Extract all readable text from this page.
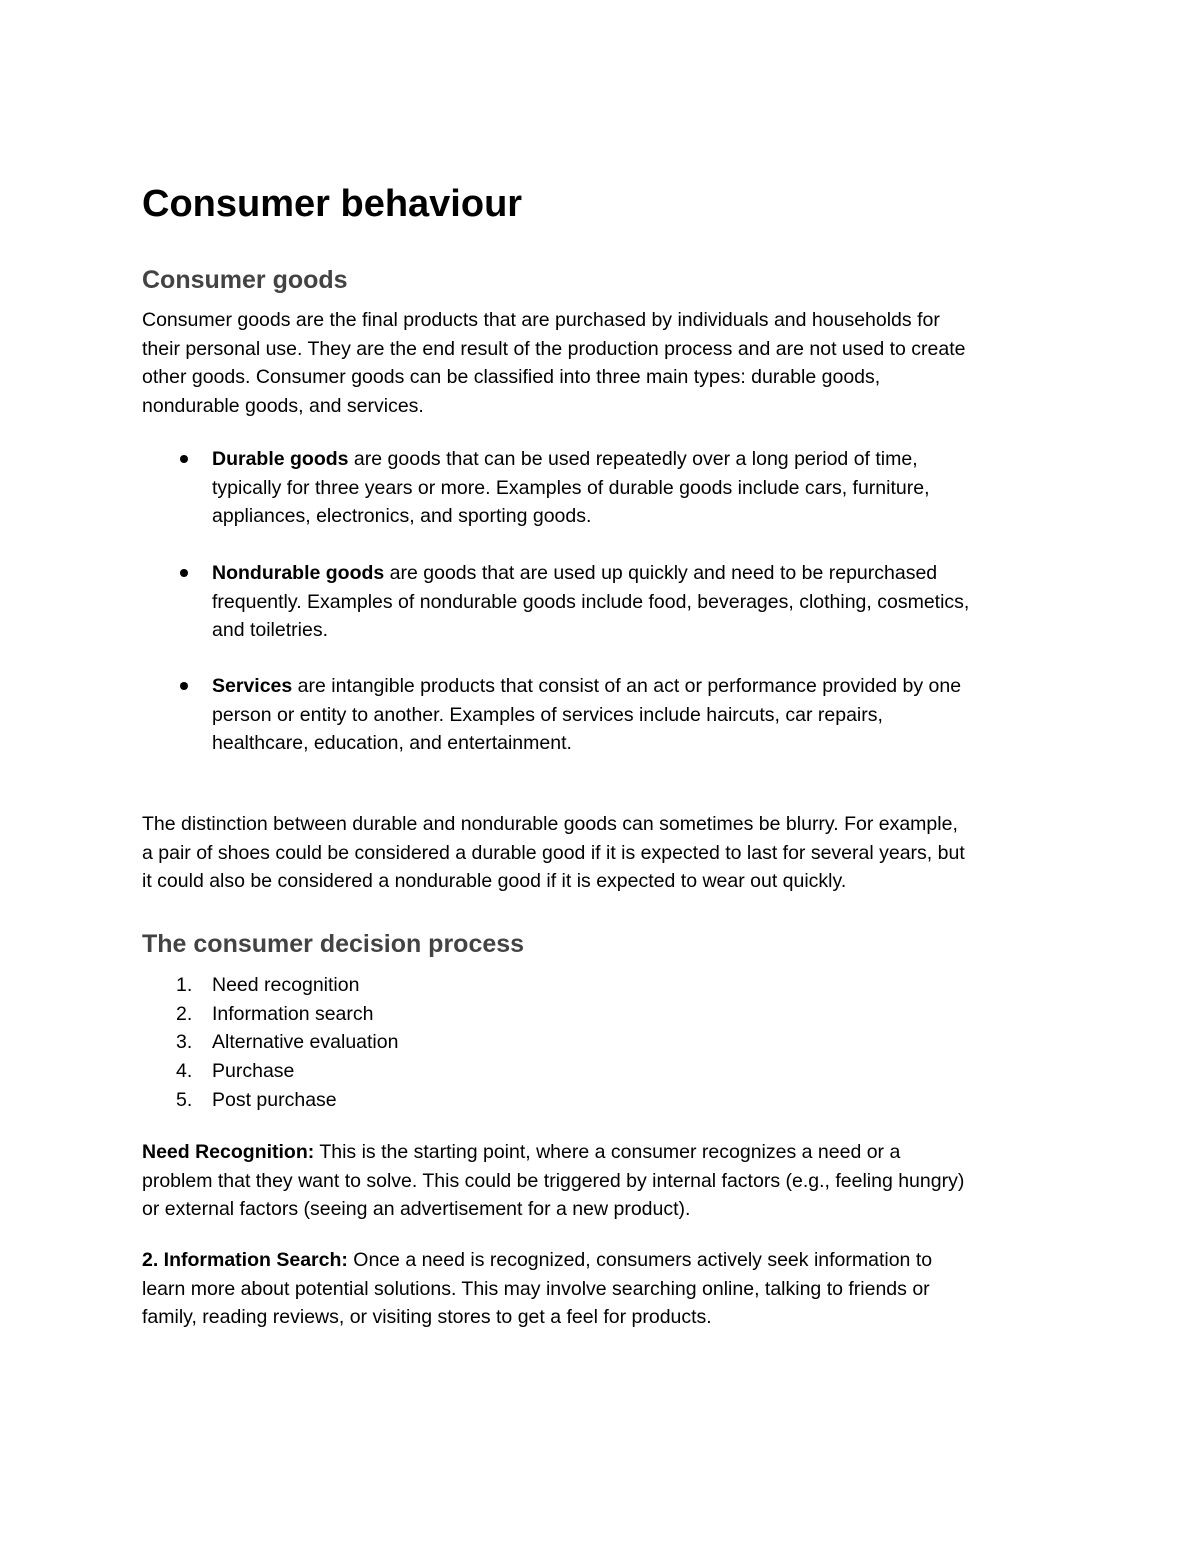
Consumer behaviour
Consumer goods

Consumer goods are the final products that are purchased by individuals and households for
their personal use. They are the end result of the production process and are not used to create
other goods. Consumer goods can be classified into three main types: durable goods,
nondurable goods, and services.

Durable goods are goods that can be used repeatedly over a long period of time,
typically for three years or more. Examples of durable goods include cars, furniture,
appliances, electronics, and sporting goods.
Nondurable goods are goods that are used up quickly and need to be repurchased
frequently. Examples of nondurable goods include food, beverages, clothing, cosmetics,
and toiletries.
Services are intangible products that consist of an act or performance provided by one
person or entity to another. Examples of services include haircuts, car repairs,
healthcare, education, and entertainment.

The distinction between durable and nondurable goods can sometimes be blurry. For example,
a pair of shoes could be considered a durable good if it is expected to last for several years, but
it could also be considered a nondurable good if it is expected to wear out quickly.

The consumer decision process
1. Need recognition
2. Information search
3. Alternative evaluation
4. Purchase
5. Post purchase

Need Recognition: This is the starting point, where a consumer recognizes a need or a
problem that they want to solve. This could be triggered by internal factors (e.g., feeling hungry)
or external factors (seeing an advertisement for a new product).

2. Information Search: Once a need is recognized, consumers actively seek information to
learn more about potential solutions. This may involve searching online, talking to friends or
family, reading reviews, or visiting stores to get a feel for products.
